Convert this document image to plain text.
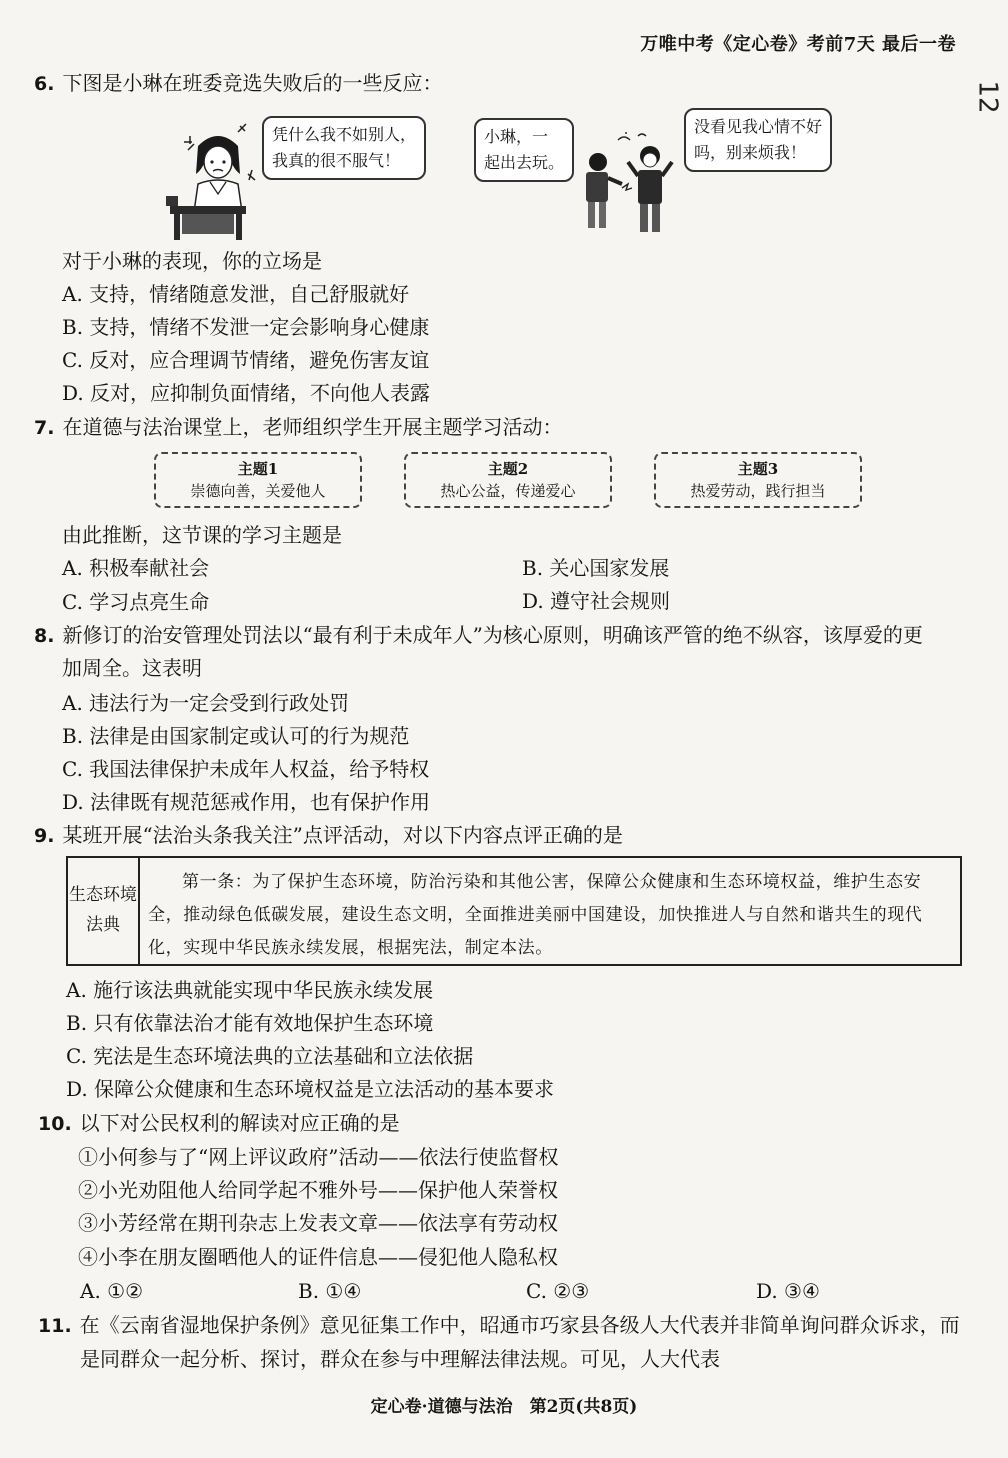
万唯中考《定心卷》考前7天 最后一卷
12
6. 下图是小琳在班委竞选失败后的一些反应：
凭什么我不如别人，
我真的很不服气！
小琳，一
起出去玩。
没看见我心情不好
吗，别来烦我！
对于小琳的表现，你的立场是
A. 支持，情绪随意发泄，自己舒服就好
B. 支持，情绪不发泄一定会影响身心健康
C. 反对，应合理调节情绪，避免伤害友谊
D. 反对，应抑制负面情绪，不向他人表露
7. 在道德与法治课堂上，老师组织学生开展主题学习活动：
主题1
崇德向善，关爱他人
主题2
热心公益，传递爱心
主题3
热爱劳动，践行担当
由此推断，这节课的学习主题是
A. 积极奉献社会	B. 关心国家发展
C. 学习点亮生命	D. 遵守社会规则
8. 新修订的治安管理处罚法以“最有利于未成年人”为核心原则，明确该严管的绝不纵容，该厚爱的更
加周全。这表明
A. 违法行为一定会受到行政处罚
B. 法律是由国家制定或认可的行为规范
C. 我国法律保护未成年人权益，给予特权
D. 法律既有规范惩戒作用，也有保护作用
9. 某班开展“法治头条我关注”点评活动，对以下内容点评正确的是
生态环境法典
第一条：为了保护生态环境，防治污染和其他公害，保障公众健康和生态环境权益，维护生态安全，推动绿色低碳发展，建设生态文明，全面推进美丽中国建设，加快推进人与自然和谐共生的现代化，实现中华民族永续发展，根据宪法，制定本法。
A. 施行该法典就能实现中华民族永续发展
B. 只有依靠法治才能有效地保护生态环境
C. 宪法是生态环境法典的立法基础和立法依据
D. 保障公众健康和生态环境权益是立法活动的基本要求
10. 以下对公民权利的解读对应正确的是
①小何参与了“网上评议政府”活动——依法行使监督权
②小光劝阻他人给同学起不雅外号——保护他人荣誉权
③小芳经常在期刊杂志上发表文章——依法享有劳动权
④小李在朋友圈晒他人的证件信息——侵犯他人隐私权
A. ①②	B. ①④	C. ②③	D. ③④
11. 在《云南省湿地保护条例》意见征集工作中，昭通市巧家县各级人大代表并非简单询问群众诉求，而
是同群众一起分析、探讨，群众在参与中理解法律法规。可见，人大代表
定心卷·道德与法治　第2页(共8页)
